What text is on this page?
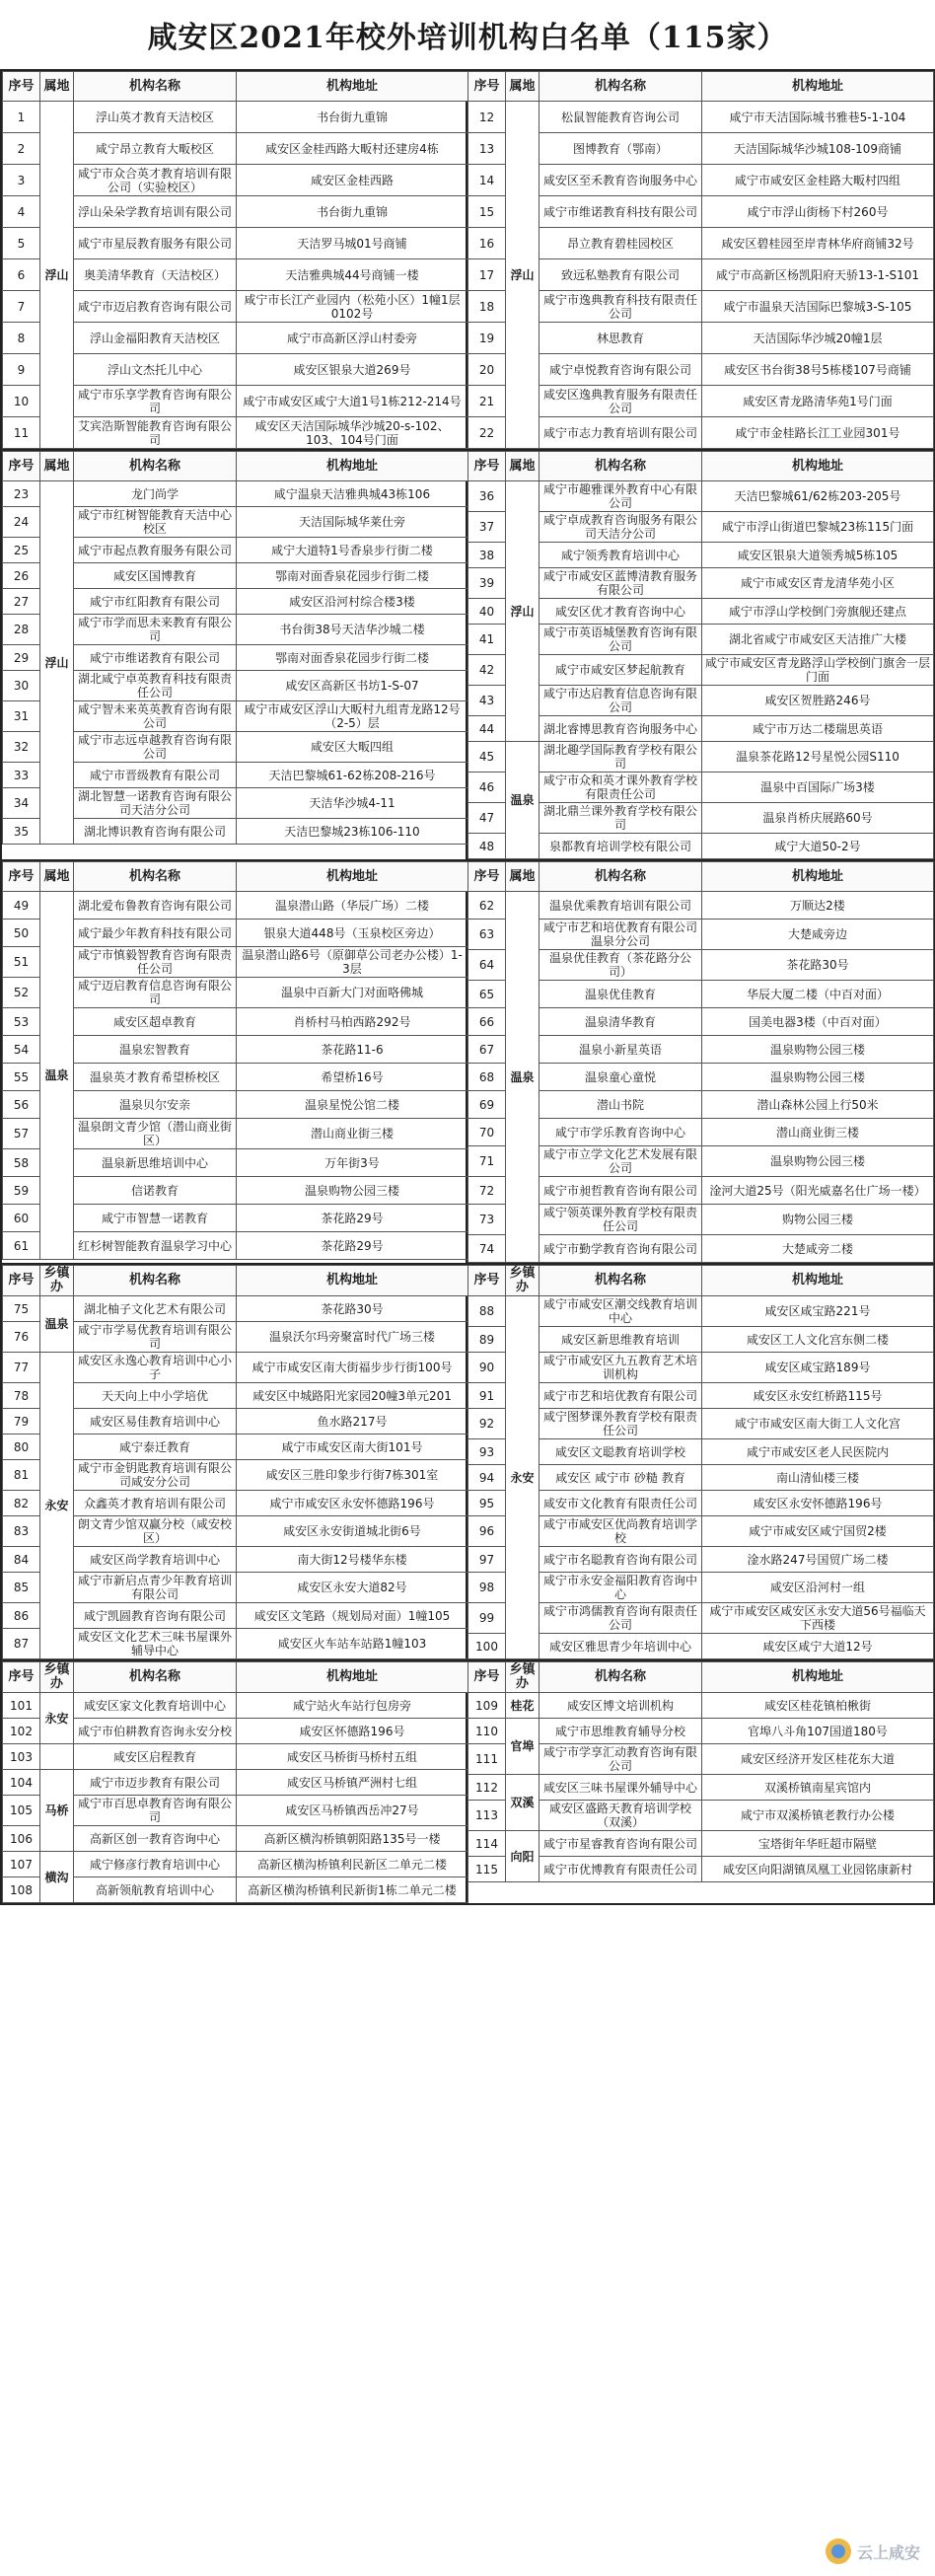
咸安区2021年校外培训机构白名单（115家）
序号	属地	机构名称	机构地址
1	浮山	浮山英才教育天洁校区	书台街九重锦
2		咸宁昂立教育大畈校区	咸安区金桂西路大畈村还建房4栋
3		咸宁市众合英才教育培训有限公司（实验校区）	咸安区金桂西路
4		浮山朵朵学教育培训有限公司	书台街九重锦
5		咸宁市星辰教育服务有限公司	天洁罗马城01号商铺
6		奥美清华教育（天洁校区）	天洁雅典城44号商铺一楼
7		咸宁市迈启教育咨询有限公司	咸宁市长江产业园内（松苑小区）1幢1层0102号
8		浮山金福阳教育天洁校区	咸宁市高新区浮山村委旁
9		浮山文杰托儿中心	咸安区银泉大道269号
10		咸宁市乐享学教育咨询有限公司	咸宁市咸安区咸宁大道1号1栋212-214号
11		艾宾浩斯智能教育咨询有限公司	咸安区天洁国际城华沙城20-s-102、103、104号门面
序号	属地	机构名称	机构地址
12	浮山	松鼠智能教育咨询公司	咸宁市天洁国际城书雅巷5-1-104
13		图博教育（鄂南）	天洁国际城华沙城108-109商铺
14		咸安区至禾教育咨询服务中心	咸宁市咸安区金桂路大畈村四组
15		咸宁市维诺教育科技有限公司	咸宁市浮山街杨下村260号
16		昂立教育碧桂园校区	咸安区碧桂园至岸青林华府商铺32号
17		致远私塾教育有限公司	咸宁市高新区杨凯阳府天骄13-1-S101
18		咸宁市逸典教育科技有限责任公司	咸宁市温泉天洁国际巴黎城3-S-105
19		林思教育	天洁国际华沙城20幢1层
20		咸宁卓悦教育咨询有限公司	咸安区书台街38号5栋楼107号商铺
21		咸安区逸典教育服务有限责任公司	咸安区青龙路清华苑1号门面
22		咸宁市志力教育培训有限公司	咸宁市金桂路长江工业园301号
序号	属地	机构名称	机构地址
23	浮山	龙门尚学	咸宁温泉天洁雅典城43栋106
24		咸宁市红树智能教育天洁中心校区	天洁国际城华莱仕旁
25		咸宁市起点教育服务有限公司	咸宁大道特1号香泉步行街二楼
26		咸安区国博教育	鄂南对面香泉花园步行街二楼
27		咸宁市红阳教育有限公司	咸安区沿河村综合楼3楼
28		咸宁市学而思未来教育有限公司	书台街38号天洁华沙城二楼
29		咸宁市维诺教育有限公司	鄂南对面香泉花园步行街二楼
30		湖北咸宁卓英教育科技有限责任公司	咸安区高新区书坊1-S-07
31		咸宁智未来英英教育咨询有限公司	咸宁市咸安区浮山大畈村九组青龙路12号（2-5）层
32		咸宁市志远卓越教育咨询有限公司	咸安区大畈四组
33		咸宁市晋级教育有限公司	天洁巴黎城61-62栋208-216号
34		湖北智慧一诺教育咨询有限公司天洁分公司	天洁华沙城4-11
35		湖北博识教育咨询有限公司	天洁巴黎城23栋106-110
序号	属地	机构名称	机构地址
36	浮山	咸宁市趣雅课外教育中心有限公司	天洁巴黎城61/62栋203-205号
37		咸宁卓成教育咨询服务有限公司天洁分公司	咸宁市浮山街道巴黎城23栋115门面
38		咸宁领秀教育培训中心	咸安区银泉大道领秀城5栋105
39		咸宁市咸安区蓝博清教育服务有限公司	咸宁市咸安区青龙清华苑小区
40		咸安区优才教育咨询中心	咸宁市浮山学校倒门旁旗舰还建点
41		咸宁市英语城堡教育咨询有限公司	湖北省咸宁市咸安区天洁推广大楼
42		咸宁市咸安区梦起航教育	咸宁市咸安区青龙路浮山学校倒门旗舍一层门面
43		咸宁市达启教育信息咨询有限公司	咸安区贺胜路246号
44		湖北睿博思教育咨询服务中心	咸宁市万达二楼瑞思英语
45	温泉	湖北趣学国际教育学校有限公司	温泉茶花路12号星悦公园S110
46		咸宁市众和英才课外教育学校有限责任公司	温泉中百国际广场3楼
47		湖北鼎兰课外教育学校有限公司	温泉肖桥庆展路60号
48		泉都教育培训学校有限公司	咸宁大道50-2号
序号	属地	机构名称	机构地址
49	温泉	湖北爱布鲁教育咨询有限公司	温泉潜山路（华辰广场）二楼
50		咸宁最少年教育科技有限公司	银泉大道448号（玉泉校区旁边）
51		咸宁市慎毅智教育咨询有限责任公司	温泉潜山路6号（原御草公司老办公楼）1-3层
52		咸宁迈启教育信息咨询有限公司	温泉中百新大门对面咯佛城
53		咸安区超卓教育	肖桥村马柏西路292号
54		温泉宏智教育	茶花路11-6
55		温泉英才教育希望桥校区	希望桥16号
56		温泉贝尔安亲	温泉星悦公馆二楼
57		温泉朗文青少馆（潜山商业街区）	潜山商业街三楼
58		温泉新思维培训中心	万年街3号
59		信诺教育	温泉购物公园三楼
60		咸宁市智慧一诺教育	茶花路29号
61		红杉树智能教育温泉学习中心	茶花路29号
序号	属地	机构名称	机构地址
62	温泉	温泉优乘教育培训有限公司	万顺达2楼
63		咸宁市艺和培优教育有限公司温泉分公司	大楚咸旁边
64		温泉优佳教育（茶花路分公司）	茶花路30号
65		温泉优佳教育	华辰大厦二楼（中百对面）
66		温泉清华教育	国美电器3楼（中百对面）
67		温泉小新星英语	温泉购物公园三楼
68		温泉童心童悦	温泉购物公园三楼
69		潜山书院	潜山森林公园上行50米
70		咸宁市学乐教育咨询中心	潜山商业街三楼
71		咸宁市立学文化艺术发展有限公司	温泉购物公园三楼
72		咸宁市昶哲教育咨询有限公司	淦河大道25号（阳光威嘉名仕广场一楼）
73		咸宁领英课外教育学校有限责任公司	购物公园三楼
74		咸宁市勤学教育咨询有限公司	大楚咸旁二楼
序号	乡镇办	机构名称	机构地址
75	温泉	湖北柚子文化艺术有限公司	茶花路30号
76		咸宁市学易优教育培训有限公司	温泉沃尔玛旁聚富时代广场三楼
77	永安	咸安区永逸心教育培训中心小子	咸宁市咸安区南大街福步步行街100号
78		天天向上中小学培优	咸安区中城路阳光家园20幢3单元201
79		咸安区易佳教育培训中心	鱼水路217号
80		咸宁泰迁教育	咸宁市咸安区南大街101号
81		咸宁市金钥匙教育培训有限公司咸安分公司	咸安区三胜印象步行街7栋301室
82		众鑫英才教育培训有限公司	咸宁市咸安区永安怀德路196号
83		朗文青少馆双赢分校（咸安校区）	咸安区永安街道城北街6号
84		咸安区尚学教育培训中心	南大街12号楼华东楼
85		咸宁市新启点青少年教育培训有限公司	咸安区永安大道82号
86		咸宁凯圆教育咨询有限公司	咸安区文笔路（规划局对面）1幢105
87		咸安区文化艺术三味书屋课外辅导中心	咸安区火车站车站路1幢103
序号	乡镇办	机构名称	机构地址
88	永安	咸宁市咸安区潮交线教育培训中心	咸安区咸宝路221号
89		咸安区新思维教育培训	咸安区工人文化宫东侧二楼
90		咸宁市咸安区九五教育艺术培训机构	咸安区咸宝路189号
91		咸宁市艺和培优教育有限公司	咸安区永安红桥路115号
92		咸宁图梦课外教育学校有限责任公司	咸宁市咸安区南大街工人文化宫
93		咸安区文聪教育培训学校	咸宁市咸安区老人民医院内
94		咸安区 咸宁市 砂糙 教育	南山清仙楼三楼
95		咸安市文化教育有限责任公司	咸安区永安怀德路196号
96		咸宁市咸安区优尚教育培训学校	咸宁市咸安区咸宁国贸2楼
97		咸宁市名聪教育咨询有限公司	淦水路247号国贸广场二楼
98		咸宁市永安金福阳教育咨询中心	咸安区沿河村一组
99		咸宁市鸿儒教育咨询有限责任公司	咸宁市咸安区咸安区永安大道56号福临天下西楼
100		咸安区雅思青少年培训中心	咸安区咸宁大道12号
序号	乡镇办	机构名称	机构地址
101	永安	咸安区家文化教育培训中心	咸宁站火车站行包房旁
102		咸宁市伯耕教育咨询永安分校	咸安区怀德路196号
103		咸安区启程教育	咸安区马桥街马桥村五组
104	马桥	咸宁市迈步教育有限公司	咸安区马桥镇严洲村七组
105		咸宁市百思卓教育咨询有限公司	咸安区马桥镇西岳冲27号
106		高新区创一教育咨询中心	高新区横沟桥镇朝阳路135号一楼
107	横沟	咸宁修彦行教育培训中心	高新区横沟桥镇利民新区二单元二楼
108		高新领航教育培训中心	高新区横沟桥镇利民新街1栋二单元二楼
序号	乡镇办	机构名称	机构地址
109	桂花	咸安区博文培训机构	咸安区桂花镇柏楸街
110	官埠	咸宁市思维教育辅导分校	官埠八斗角107国道180号
111		咸宁市学享汇动教育咨询有限公司	咸安区经济开发区桂花东大道
112	双溪	咸安区三味书屋课外辅导中心	双溪桥镇南星宾馆内
113		咸安区盛路天教育培训学校（双溪）	咸宁市双溪桥镇老教行办公楼
114	向阳	咸宁市星睿教育咨询有限公司	宝塔街年华旺超市隔壁
115		咸宁市优博教育有限责任公司	咸安区向阳湖镇凤凰工业园铭康新村
云上咸安
